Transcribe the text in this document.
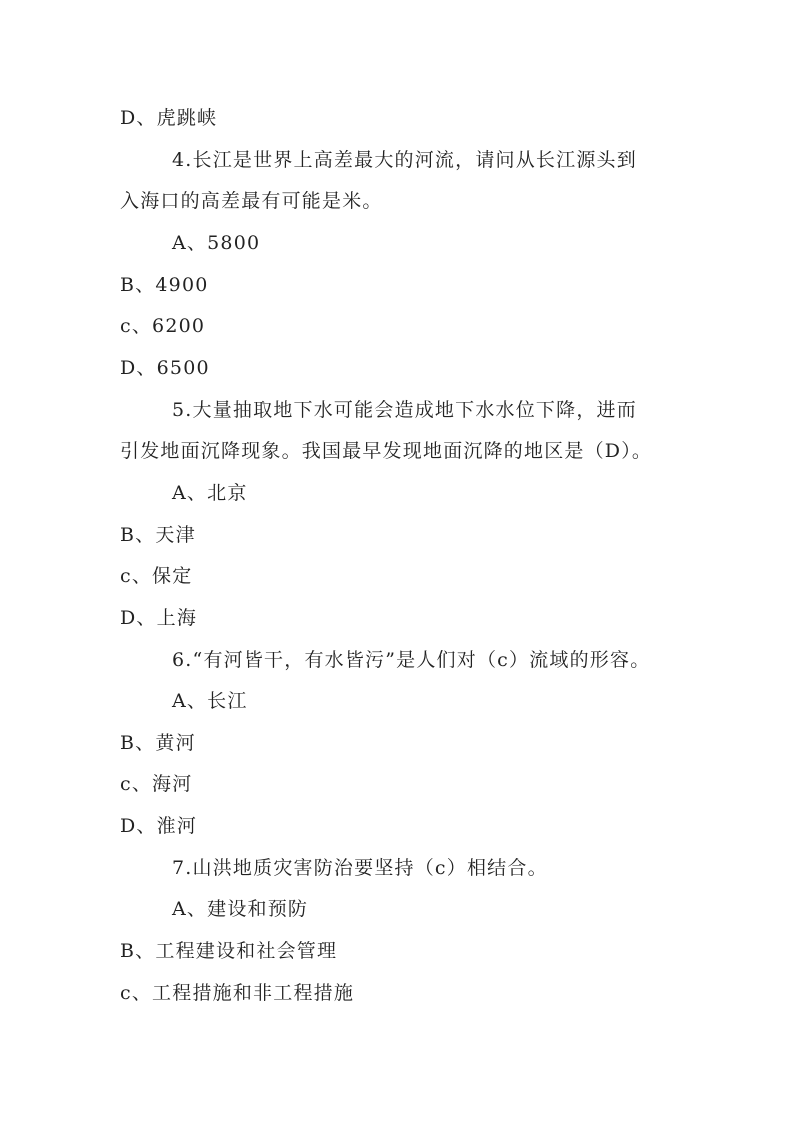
D、虎跳峡
4.长江是世界上高差最大的河流，请问从长江源头到
入海口的高差最有可能是米。
A、5800
B、4900
c、6200
D、6500
5.大量抽取地下水可能会造成地下水水位下降，进而
引发地面沉降现象。我国最早发现地面沉降的地区是（D）。
A、北京
B、天津
c、保定
D、上海
6.“有河皆干，有水皆污”是人们对（c）流域的形容。
A、长江
B、黄河
c、海河
D、淮河
7.山洪地质灾害防治要坚持（c）相结合。
A、建设和预防
B、工程建设和社会管理
c、工程措施和非工程措施
